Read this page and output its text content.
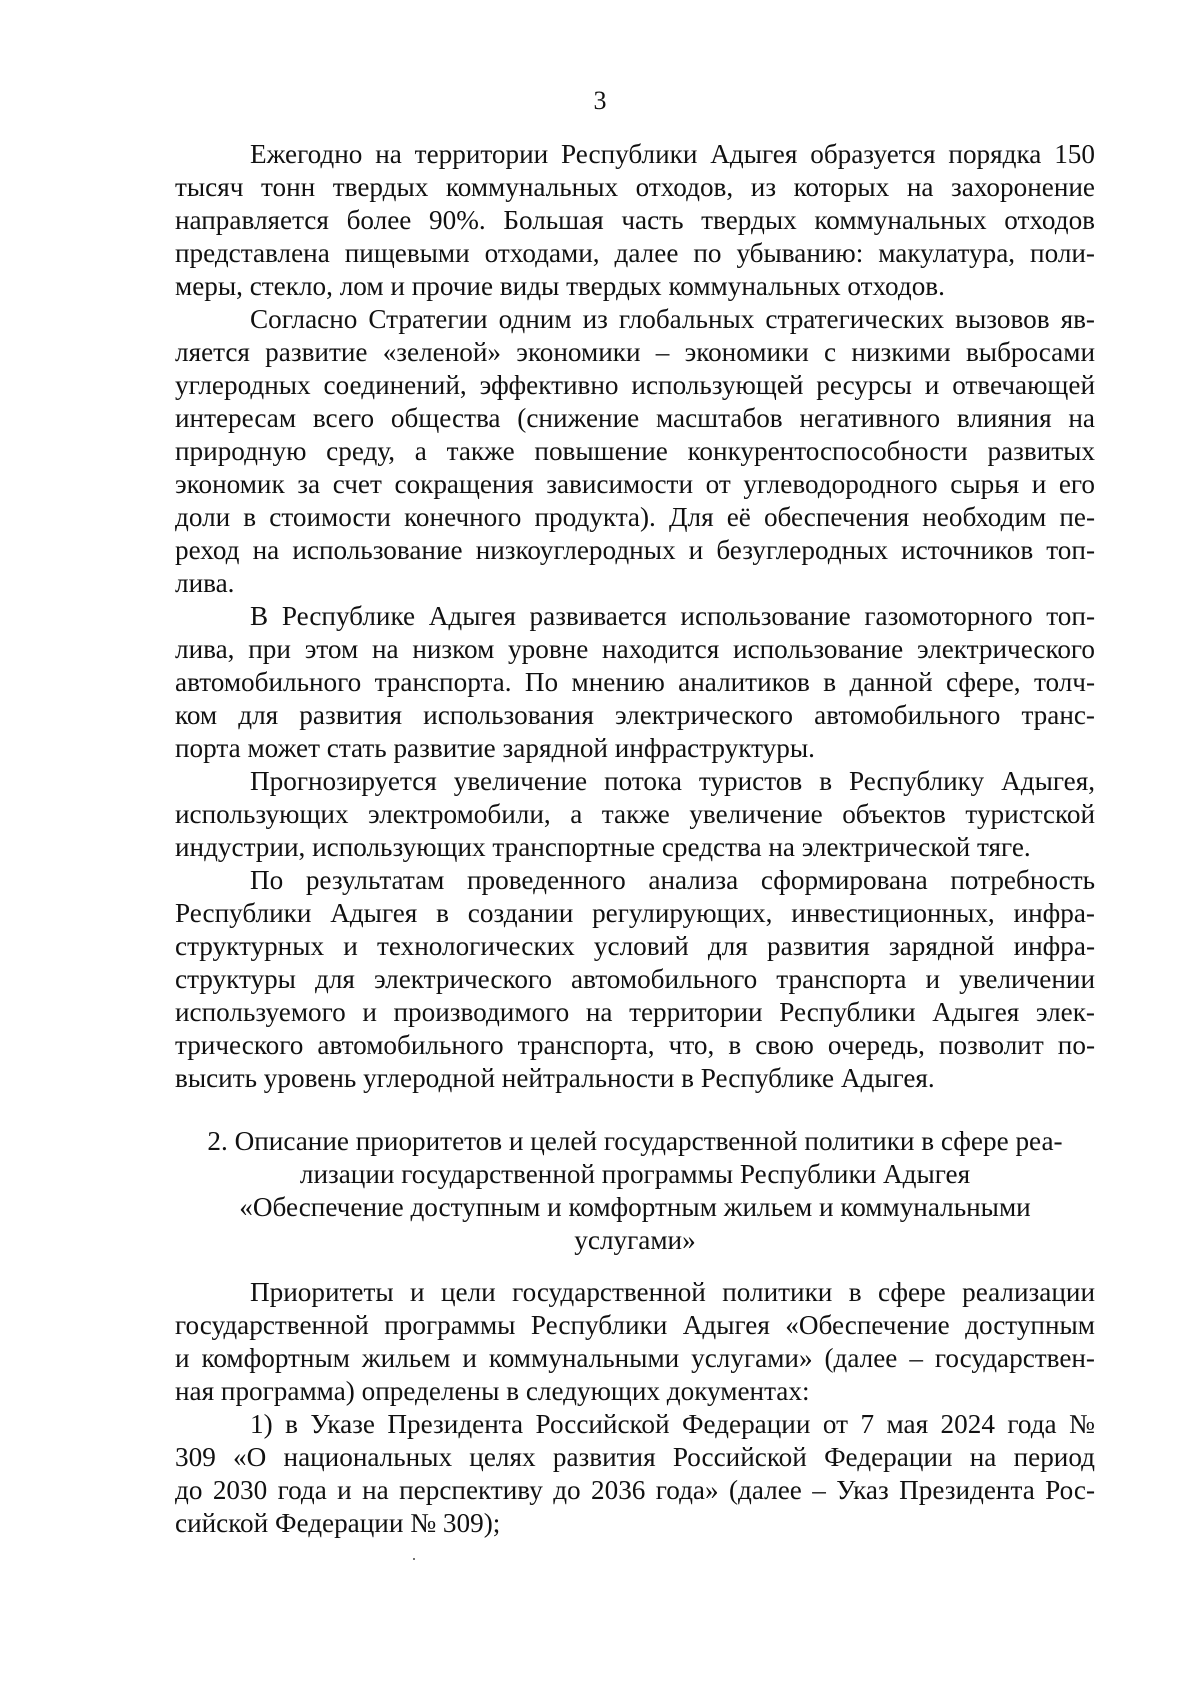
3
Ежегодно на территории Республики Адыгея образуется порядка 150
тысяч тонн твердых коммунальных отходов, из которых на захоронение
направляется более 90%. Большая часть твердых коммунальных отходов
представлена пищевыми отходами, далее по убыванию: макулатура, поли-
меры, стекло, лом и прочие виды твердых коммунальных отходов.
Согласно Стратегии одним из глобальных стратегических вызовов яв-
ляется развитие «зеленой» экономики – экономики с низкими выбросами
углеродных соединений, эффективно использующей ресурсы и отвечающей
интересам всего общества (снижение масштабов негативного влияния на
природную среду, а также повышение конкурентоспособности развитых
экономик за счет сокращения зависимости от углеводородного сырья и его
доли в стоимости конечного продукта). Для её обеспечения необходим пе-
реход на использование низкоуглеродных и безуглеродных источников топ-
лива.
В Республике Адыгея развивается использование газомоторного топ-
лива, при этом на низком уровне находится использование электрического
автомобильного транспорта. По мнению аналитиков в данной сфере, толч-
ком для развития использования электрического автомобильного транс-
порта может стать развитие зарядной инфраструктуры.
Прогнозируется увеличение потока туристов в Республику Адыгея,
использующих электромобили, а также увеличение объектов туристской
индустрии, использующих транспортные средства на электрической тяге.
По результатам проведенного анализа сформирована потребность
Республики Адыгея в создании регулирующих, инвестиционных, инфра-
структурных и технологических условий для развития зарядной инфра-
структуры для электрического автомобильного транспорта и увеличении
используемого и производимого на территории Республики Адыгея элек-
трического автомобильного транспорта, что, в свою очередь, позволит по-
высить уровень углеродной нейтральности в Республике Адыгея.
2. Описание приоритетов и целей государственной политики в сфере реа-
лизации государственной программы Республики Адыгея
«Обеспечение доступным и комфортным жильем и коммунальными
услугами»
Приоритеты и цели государственной политики в сфере реализации
государственной программы Республики Адыгея «Обеспечение доступным
и комфортным жильем и коммунальными услугами» (далее – государствен-
ная программа) определены в следующих документах:
1) в Указе Президента Российской Федерации от 7 мая 2024 года №
309 «О национальных целях развития Российской Федерации на период
до 2030 года и на перспективу до 2036 года» (далее – Указ Президента Рос-
сийской Федерации № 309);
